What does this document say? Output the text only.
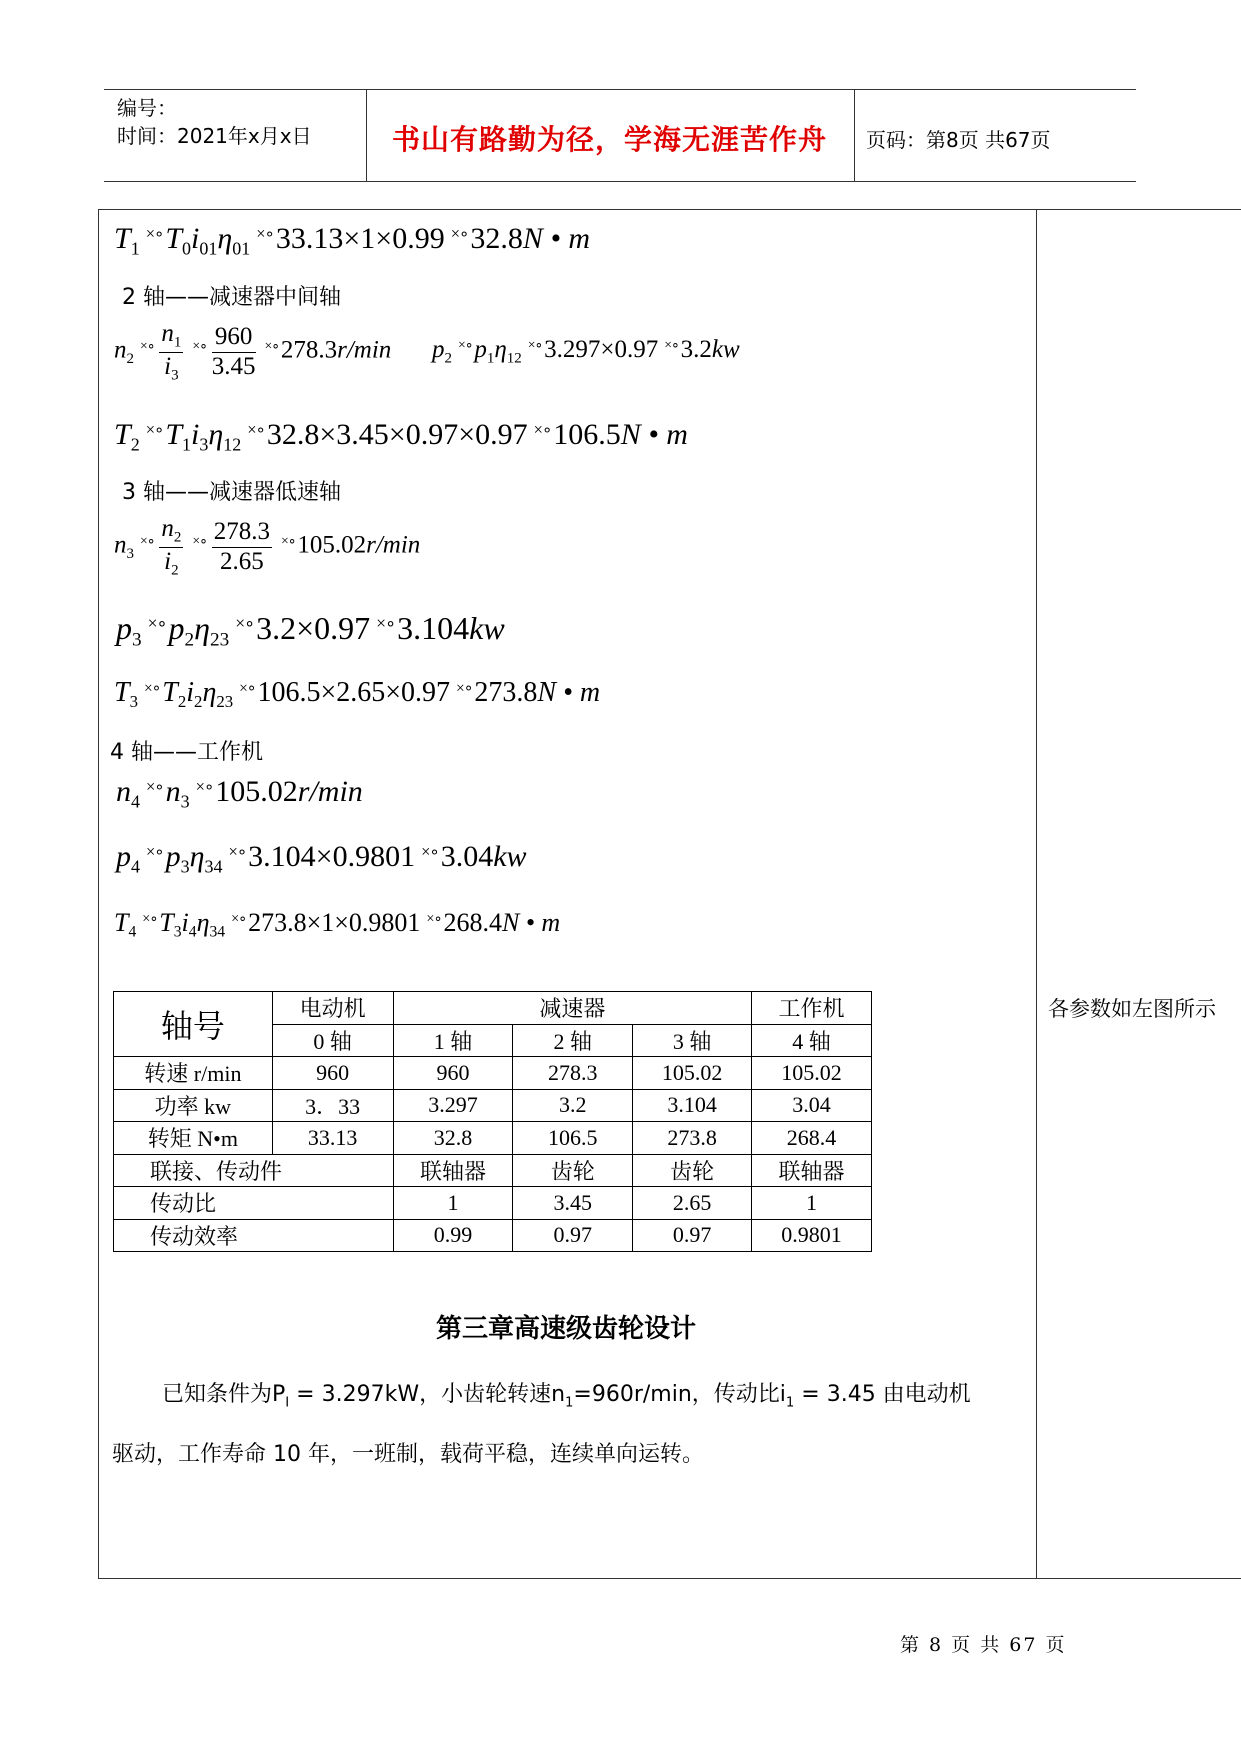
编号：
时间：2021年x月x日	书山有路勤为径，学海无涯苦作舟 页码：第8页 共67页
$T_1^{\times\circ}T_0i_{01}\eta_{01}^{\times\circ}33.13\times 1\times 0.99$ ×∘32.8N • m
2 轴——减速器中间轴
$n_2^{\times\circ} \frac{n_1}{i_3} ^{\times\circ} \frac{960}{3.45} ^{\times\circ}278.3r/\min$ $p_2^{\times\circ}p_1\eta_{12}^{\times\circ}3.297\times 0.97$ ×∘3.2kw
$T_2^{\times\circ}T_1i_3\eta_{12}^{\times\circ}32.8\times 3.45\times 0.97\times 0.97$ ×∘106.5N • m
3 轴——减速器低速轴
$n_3^{\times\circ} \frac{n_2}{i_2} ^{\times\circ} \frac{278.3}{2.65} ^{\times\circ}105.02r/\min$
$p_3^{\times\circ}p_2\eta_{23}^{\times\circ}3.2\times 0.97$ ×∘3.104kw
$T_3^{\times\circ}T_2i_2\eta_{23}^{\times\circ}106.5\times 2.65\times 0.97$ ×∘273.8N • m
4 轴——工作机
$n_4^{\times\circ}n_3^{\times\circ}105.02r/\min$
$p_4^{\times\circ}p_3\eta_{34}^{\times\circ}3.104\times 0.9801$ ×∘3.04kw
$T_4^{\times\circ}T_3i_4\eta_{34}^{\times\circ}273.8\times 1\times 0.9801$ ×∘268.4N • m
轴号	电动机	减速器			工作机
	0 轴	1 轴	2 轴	3 轴	4 轴
转速 r/min	960	960	278.3	105.02	105.02
功率 kw	3．33	3.297	3.2	3.104	3.04
转矩 N•m	33.13	32.8	106.5	273.8	268.4
联接、传动件		联轴器	齿轮	齿轮	联轴器
传动比		1	3.45	2.65	1
传动效率		0.99	0.97	0.97	0.9801
各参数如左图所示
第三章高速级齿轮设计
已知条件为$P_I = 3.297kW$，小齿轮转速$n_1=960r/\min$，传动比$i_1 = 3.45$ 由电动机
驱动，工作寿命 10 年，一班制，载荷平稳，连续单向运转。
第 8 页 共 67 页
